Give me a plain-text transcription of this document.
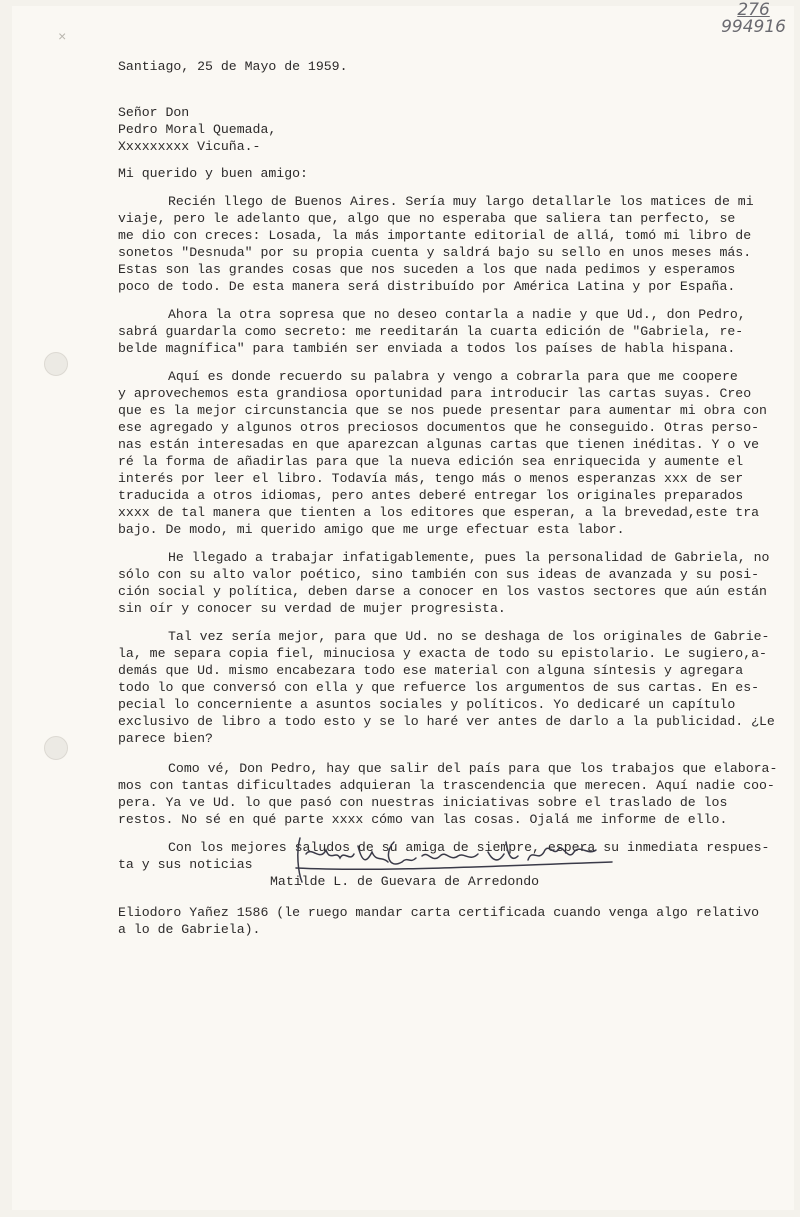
×
276
994916
Santiago, 25 de Mayo de 1959.
Señor Don
Pedro Moral Quemada,
Xxxxxxxxx Vicuña.-
Mi querido y buen amigo:
Recién llego de Buenos Aires. Sería muy largo detallarle los matices de mi
viaje, pero le adelanto que, algo que no esperaba que saliera tan perfecto, se
me dio con creces: Losada, la más importante editorial de allá, tomó mi libro de
sonetos "Desnuda" por su propia cuenta y saldrá bajo su sello en unos meses más.
Estas son las grandes cosas que nos suceden a los que nada pedimos y esperamos
poco de todo. De esta manera será distribuído por América Latina y por España.
Ahora la otra sopresa que no deseo contarla a nadie y que Ud., don Pedro,
sabrá guardarla como secreto: me reeditarán la cuarta edición de "Gabriela, re-
belde magnífica" para también ser enviada a todos los países de habla hispana.
Aquí es donde recuerdo su palabra y vengo a cobrarla para que me coopere
y aprovechemos esta grandiosa oportunidad para introducir las cartas suyas. Creo
que es la mejor circunstancia que se nos puede presentar para aumentar mi obra con
ese agregado y algunos otros preciosos documentos que he conseguido. Otras perso-
nas están interesadas en que aparezcan algunas cartas que tienen inéditas. Y o ve
ré la forma de añadirlas para que la nueva edición sea enriquecida y aumente el
interés por leer el libro. Todavía más, tengo más o menos esperanzas xxx de ser
traducida a otros idiomas, pero antes deberé entregar los originales preparados
xxxx de tal manera que tienten a los editores que esperan, a la brevedad,este tra
bajo. De modo, mi querido amigo que me urge efectuar esta labor.
He llegado a trabajar infatigablemente, pues la personalidad de Gabriela, no
sólo con su alto valor poético, sino también con sus ideas de avanzada y su posi-
ción social y política, deben darse a conocer en los vastos sectores que aún están
sin oír y conocer su verdad de mujer progresista.
Tal vez sería mejor, para que Ud. no se deshaga de los originales de Gabrie-
la, me separa copia fiel, minuciosa y exacta de todo su epistolario. Le sugiero,a-
demás que Ud. mismo encabezara todo ese material con alguna síntesis y agregara
todo lo que conversó con ella y que refuerce los argumentos de sus cartas. En es-
pecial lo concerniente a asuntos sociales y políticos. Yo dedicaré un capítulo
exclusivo de libro a todo esto y se lo haré ver antes de darlo a la publicidad. ¿Le
parece bien?
Como vé, Don Pedro, hay que salir del país para que los trabajos que elabora-
mos con tantas dificultades adquieran la trascendencia que merecen. Aquí nadie coo-
pera. Ya ve Ud. lo que pasó con nuestras iniciativas sobre el traslado de los
restos. No sé en qué parte xxxx cómo van las cosas. Ojalá me informe de ello.
Con los mejores saludos de su amiga de siempre, espera su inmediata respues-
ta y sus noticias
Matilde L. de Guevara de Arredondo
Eliodoro Yañez 1586 (le ruego mandar carta certificada cuando venga algo relativo
a lo de Gabriela).
